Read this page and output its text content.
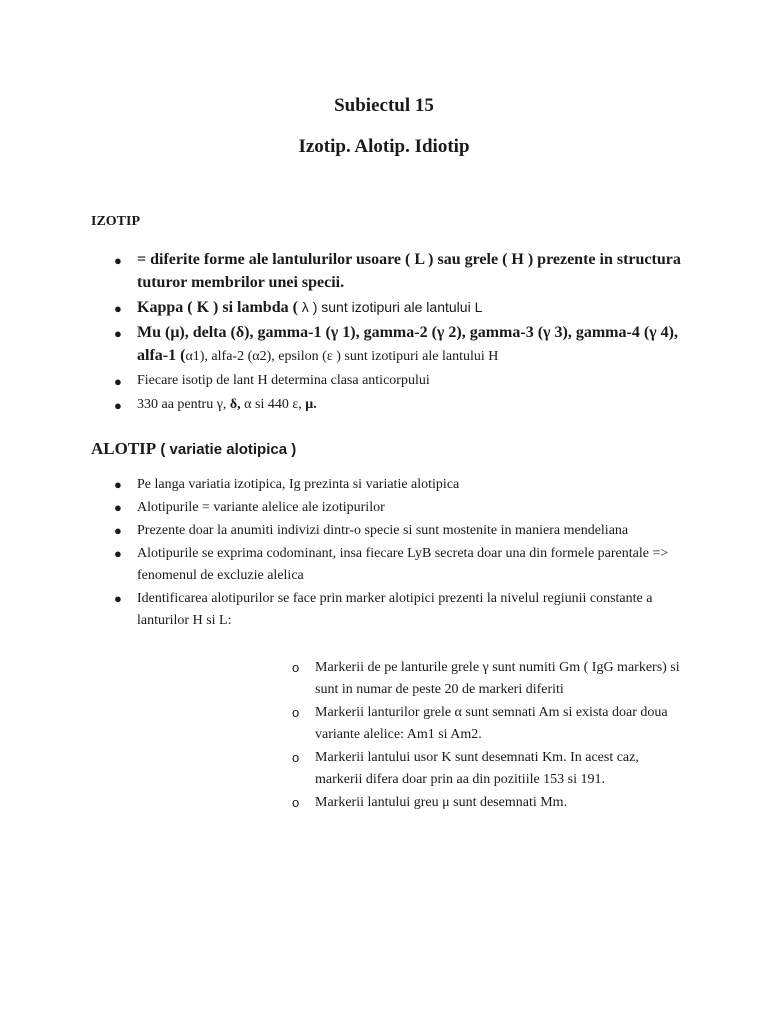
Subiectul 15
Izotip. Alotip. Idiotip
IZOTIP
● = diferite forme ale lantulurilor usoare ( L ) sau grele ( H ) prezente in structura tuturor membrilor unei specii.
● Kappa ( K ) si lambda ( λ ) sunt izotipuri ale lantului L
● Mu (μ), delta (δ), gamma-1 (γ 1), gamma-2 (γ 2), gamma-3 (γ 3), gamma-4 (γ 4), alfa-1 (α1), alfa-2 (α2), epsilon (ε ) sunt izotipuri ale lantului H
● Fiecare isotip de lant H determina clasa anticorpului
● 330 aa pentru γ, δ, α si 440 ε, μ.
ALOTIP ( variatie alotipica )
● Pe langa variatia izotipica, Ig prezinta si variatie alotipica
● Alotipurile = variante alelice ale izotipurilor
● Prezente doar la anumiti indivizi dintr-o specie si sunt mostenite in maniera mendeliana
● Alotipurile se exprima codominant, insa fiecare LyB secreta doar una din formele parentale => fenomenul de excluzie alelica
● Identificarea alotipurilor se face prin marker alotipici prezenti la nivelul regiunii constante a lanturilor H si L:
o Markerii de pe lanturile grele γ sunt numiti Gm ( IgG markers) si sunt in numar de peste 20 de markeri diferiti
o Markerii lanturilor grele α sunt semnati Am si exista doar doua variante alelice: Am1 si Am2.
o Markerii lantului usor K sunt desemnati Km. In acest caz, markerii difera doar prin aa din pozitiile 153 si 191.
o Markerii lantului greu μ sunt desemnati Mm.
